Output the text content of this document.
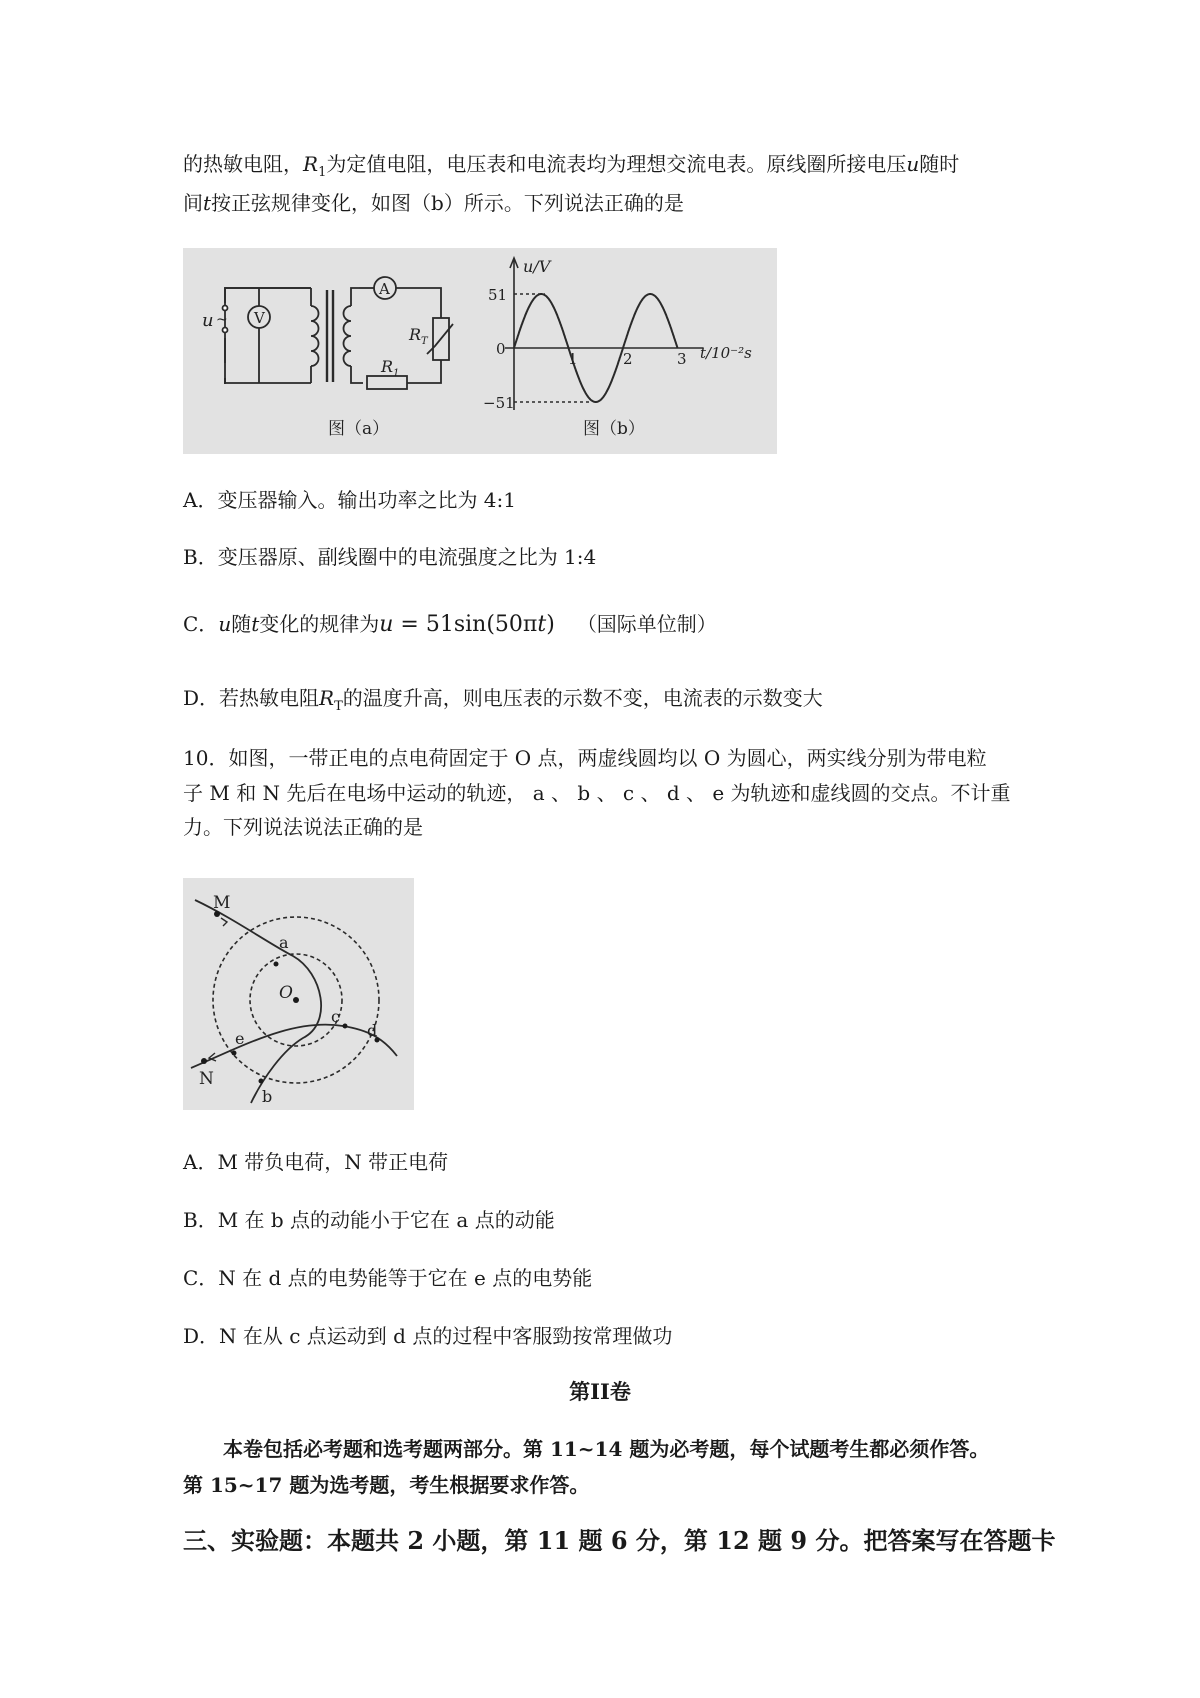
的热敏电阻，$R_1$为定值电阻，电压表和电流表均为理想交流电表。原线圈所接电压u随时
间t按正弦规律变化，如图（b）所示。下列说法正确的是
u ~ V
A
$R_T$
$R_1$
图（a）
u/V
51
0
−51
1	2	3 t/10⁻²s
图（b）
A．变压器输入。输出功率之比为 4:1
B．变压器原、副线圈中的电流强度之比为 1:4
C．u随t变化的规律为u = 51sin(50πt) （国际单位制）
D．若热敏电阻$R_T$的温度升高，则电压表的示数不变，电流表的示数变大
10．如图，一带正电的点电荷固定于 O 点，两虚线圆均以 O 为圆心，两实线分别为带电粒
子 M 和 N 先后在电场中运动的轨迹， a 、 b 、 c 、 d 、 e 为轨迹和虚线圆的交点。不计重
力。下列说法说法正确的是
M
N
O
a
b
c
d
e
A．M 带负电荷，N 带正电荷
B．M 在 b 点的动能小于它在 a 点的动能
C．N 在 d 点的电势能等于它在 e 点的电势能
D．N 在从 c 点运动到 d 点的过程中客服勁按常理做功
第II卷
本卷包括必考题和选考题两部分。第 11~14 题为必考题，每个试题考生都必须作答。
第 15~17 题为选考题，考生根据要求作答。
三、实验题：本题共 2 小题，第 11 题 6 分，第 12 题 9 分。把答案写在答题卡
